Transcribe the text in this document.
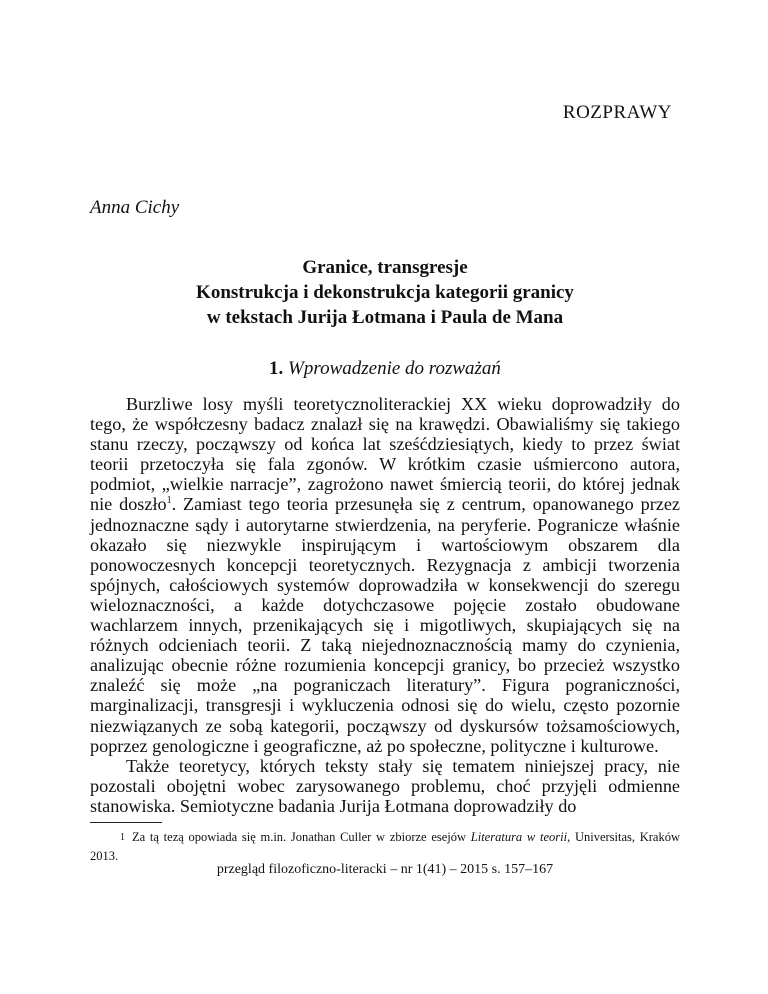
ROZPRAWY
Anna Cichy
Granice, transgresje
Konstrukcja i dekonstrukcja kategorii granicy
w tekstach Jurija Łotmana i Paula de Mana
1. Wprowadzenie do rozważań

Burzliwe losy myśli teoretycznoliterackiej XX wieku doprowadziły do tego, że współczesny badacz znalazł się na krawędzi. Obawialiśmy się takiego stanu rzeczy, począwszy od końca lat sześćdziesiątych, kiedy to przez świat teorii przetoczyła się fala zgonów. W krótkim czasie uśmiercono autora, podmiot, „wielkie narracje”, zagrożono nawet śmiercią teorii, do której jednak nie doszło$^1$. Zamiast tego teoria przesunęła się z centrum, opanowanego przez jednoznaczne sądy i autorytarne stwierdzenia, na peryferie. Pogranicze właśnie okazało się niezwykle inspirującym i wartościowym obszarem dla ponowoczesnych koncepcji teoretycznych. Rezygnacja z ambicji tworzenia spójnych, całościowych systemów doprowadziła w konsekwencji do szeregu wieloznaczności, a każde dotychczasowe pojęcie zostało obudowane wachlarzem innych, przenikających się i migotliwych, skupiających się na różnych odcieniach teorii. Z taką niejednoznacznością mamy do czynienia, analizując obecnie różne rozumienia koncepcji granicy, bo przecież wszystko znaleźć się może „na pograniczach literatury”. Figura pograniczności, marginalizacji, transgresji i wykluczenia odnosi się do wielu, często pozornie niezwiązanych ze sobą kategorii, począwszy od dyskursów tożsamościowych, poprzez genologiczne i geograficzne, aż po społeczne, polityczne i kulturowe.

Także teoretycy, których teksty stały się tematem niniejszej pracy, nie pozostali obojętni wobec zarysowanego problemu, choć przyjęli odmienne stanowiska. Semiotyczne badania Jurija Łotmana doprowadziły do

1 Za tą tezą opowiada się m.in. Jonathan Culler w zbiorze esejów Literatura w teorii, Universitas, Kraków 2013.
przegląd filozoficzno-literacki – nr 1(41) – 2015 s. 157–167
